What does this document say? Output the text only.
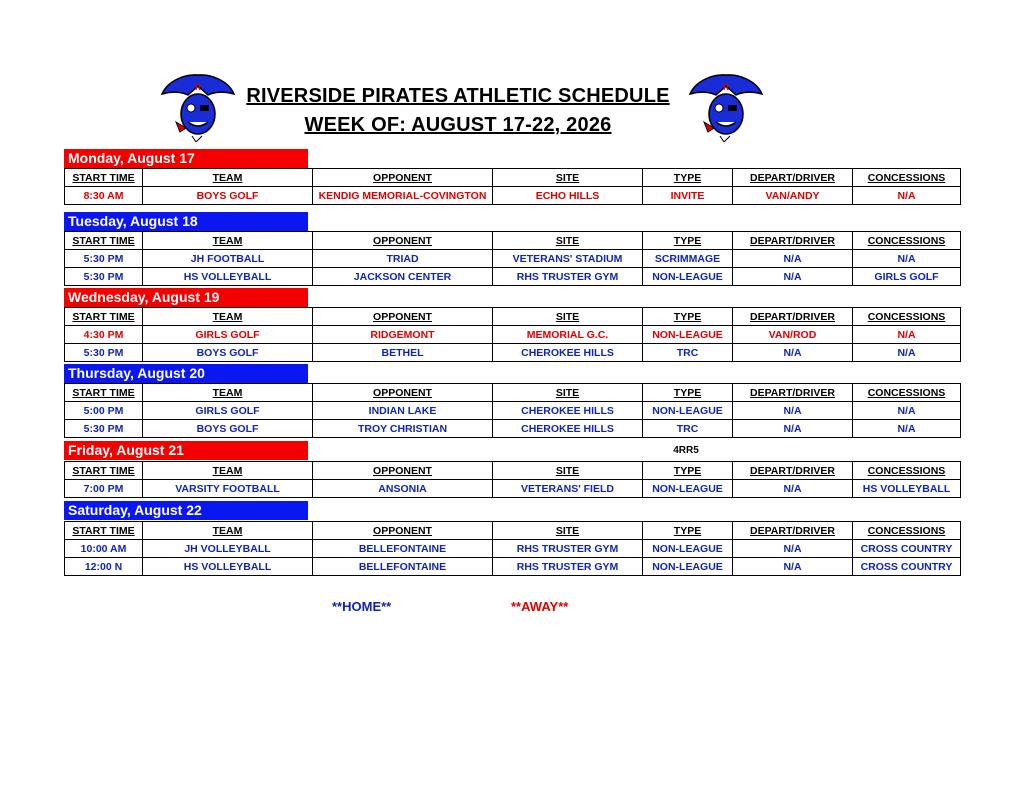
RIVERSIDE PIRATES ATHLETIC SCHEDULE
WEEK OF: AUGUST 17-22, 2026
R	R
Monday, August 17
START TIME	TEAM	OPPONENT	SITE	TYPE	DEPART/DRIVER	CONCESSIONS
8:30 AM	BOYS GOLF	KENDIG MEMORIAL-COVINGTON	ECHO HILLS	INVITE	VAN/ANDY	N/A
Tuesday, August 18
START TIME	TEAM	OPPONENT	SITE	TYPE	DEPART/DRIVER	CONCESSIONS
5:30 PM	JH FOOTBALL	TRIAD	VETERANS' STADIUM	SCRIMMAGE	N/A	N/A
5:30 PM	HS VOLLEYBALL	JACKSON CENTER	RHS TRUSTER GYM	NON-LEAGUE	N/A	GIRLS GOLF
Wednesday, August 19
START TIME	TEAM	OPPONENT	SITE	TYPE	DEPART/DRIVER	CONCESSIONS
4:30 PM	GIRLS GOLF	RIDGEMONT	MEMORIAL G.C.	NON-LEAGUE	VAN/ROD	N/A
5:30 PM	BOYS GOLF	BETHEL	CHEROKEE HILLS	TRC	N/A	N/A
Thursday, August 20
START TIME	TEAM	OPPONENT	SITE	TYPE	DEPART/DRIVER	CONCESSIONS
5:00 PM	GIRLS GOLF	INDIAN LAKE	CHEROKEE HILLS	NON-LEAGUE	N/A	N/A
5:30 PM	BOYS GOLF	TROY CHRISTIAN	CHEROKEE HILLS	TRC	N/A	N/A
Friday, August 21	4RR5
START TIME	TEAM	OPPONENT	SITE	TYPE	DEPART/DRIVER	CONCESSIONS
7:00 PM	VARSITY FOOTBALL	ANSONIA	VETERANS' FIELD	NON-LEAGUE	N/A	HS VOLLEYBALL
Saturday, August 22
START TIME	TEAM	OPPONENT	SITE	TYPE	DEPART/DRIVER	CONCESSIONS
10:00 AM	JH VOLLEYBALL	BELLEFONTAINE	RHS TRUSTER GYM	NON-LEAGUE	N/A	CROSS COUNTRY
12:00 N	HS VOLLEYBALL	BELLEFONTAINE	RHS TRUSTER GYM	NON-LEAGUE	N/A	CROSS COUNTRY
**HOME**	**AWAY**
